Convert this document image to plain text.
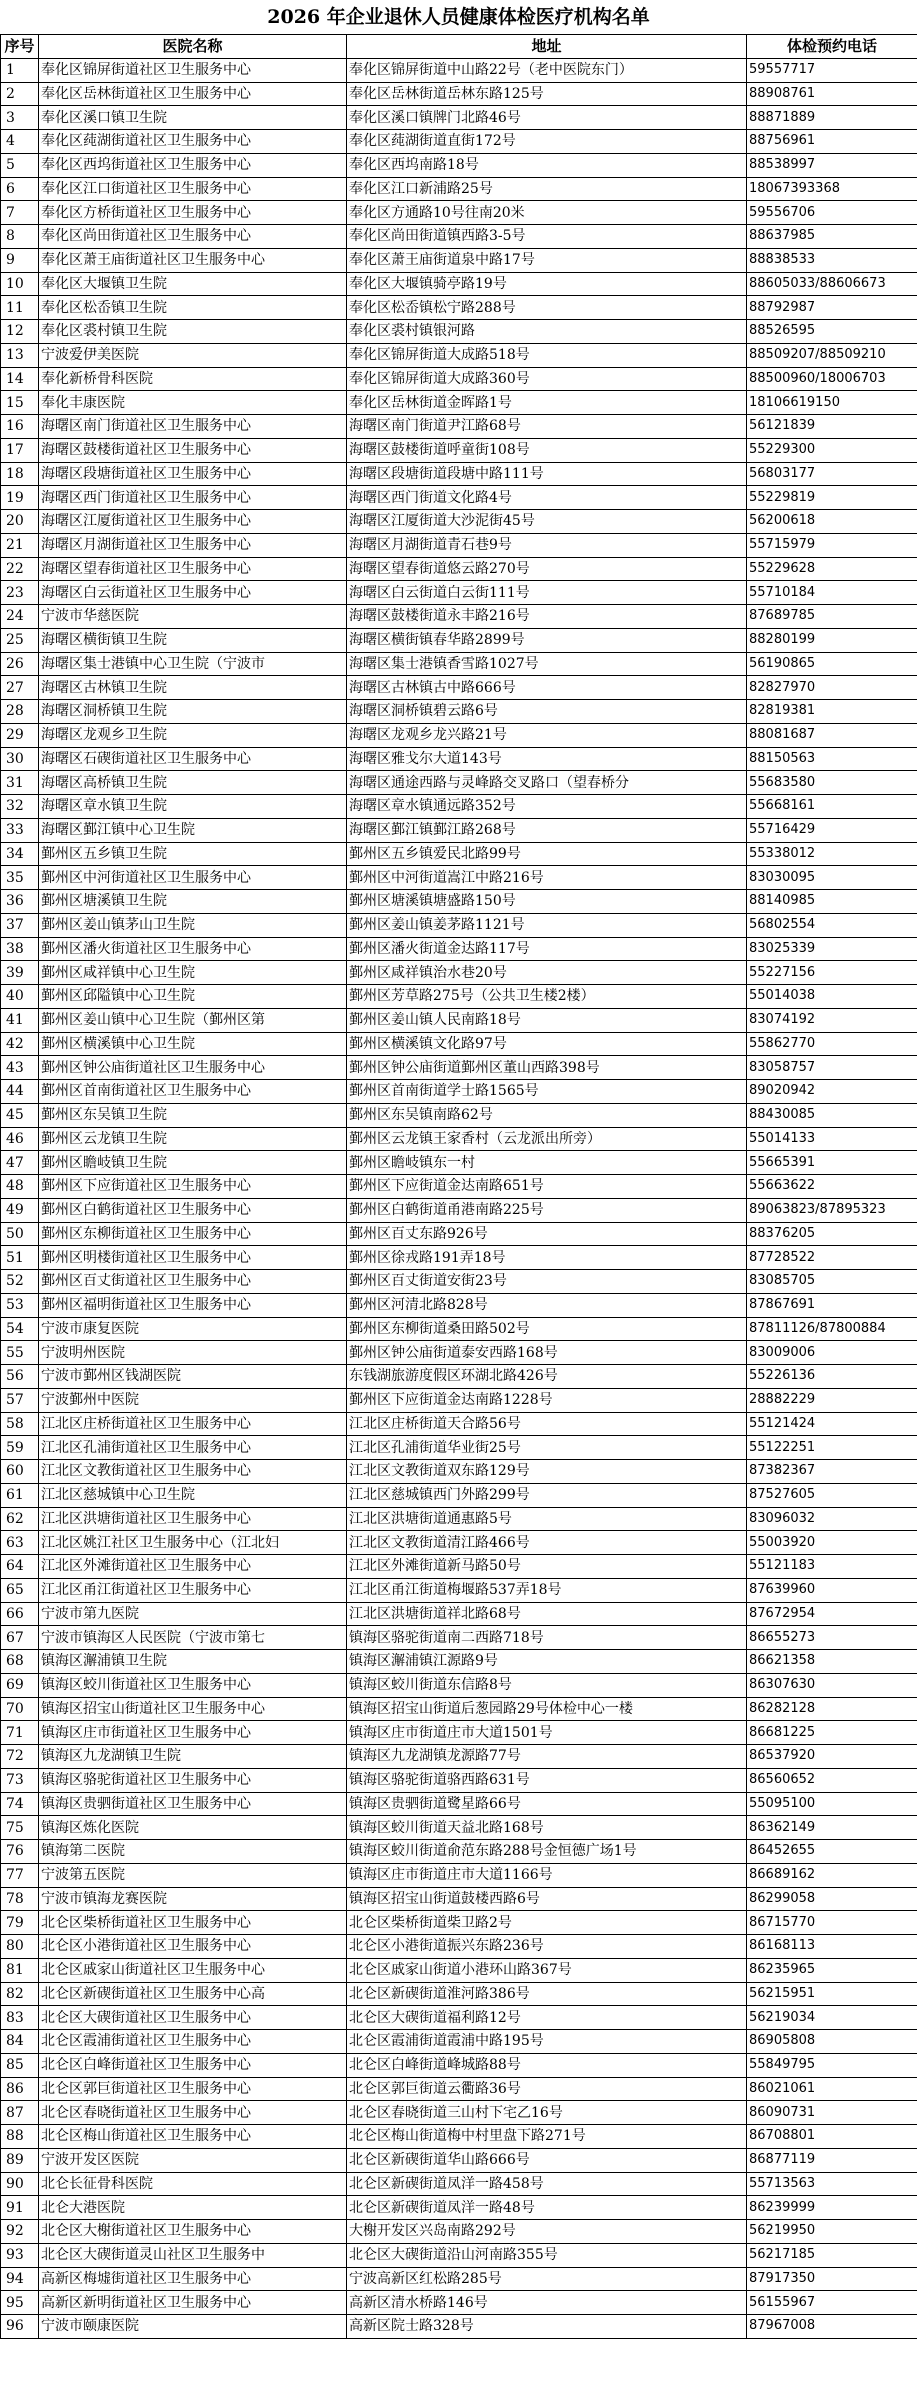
2026 年企业退休人员健康体检医疗机构名单
序号	医院名称	地址	体检预约电话
1	奉化区锦屏街道社区卫生服务中心	奉化区锦屏街道中山路22号（老中医院东门）	59557717
2	奉化区岳林街道社区卫生服务中心	奉化区岳林街道岳林东路125号	88908761
3	奉化区溪口镇卫生院	奉化区溪口镇牌门北路46号	88871889
4	奉化区莼湖街道社区卫生服务中心	奉化区莼湖街道直街172号	88756961
5	奉化区西坞街道社区卫生服务中心	奉化区西坞南路18号	88538997
6	奉化区江口街道社区卫生服务中心	奉化区江口新浦路25号	18067393368
7	奉化区方桥街道社区卫生服务中心	奉化区方通路10号往南20米	59556706
8	奉化区尚田街道社区卫生服务中心	奉化区尚田街道镇西路3-5号	88637985
9	奉化区萧王庙街道社区卫生服务中心	奉化区萧王庙街道泉中路17号	88838533
10	奉化区大堰镇卫生院	奉化区大堰镇骑亭路19号	88605033/88606673
11	奉化区松岙镇卫生院	奉化区松岙镇松宁路288号	88792987
12	奉化区裘村镇卫生院	奉化区裘村镇银河路	88526595
13	宁波爱伊美医院	奉化区锦屏街道大成路518号	88509207/88509210
14	奉化新桥骨科医院	奉化区锦屏街道大成路360号	88500960/18006703
15	奉化丰康医院	奉化区岳林街道金晖路1号	18106619150
16	海曙区南门街道社区卫生服务中心	海曙区南门街道尹江路68号	56121839
17	海曙区鼓楼街道社区卫生服务中心	海曙区鼓楼街道呼童街108号	55229300
18	海曙区段塘街道社区卫生服务中心	海曙区段塘街道段塘中路111号	56803177
19	海曙区西门街道社区卫生服务中心	海曙区西门街道文化路4号	55229819
20	海曙区江厦街道社区卫生服务中心	海曙区江厦街道大沙泥街45号	56200618
21	海曙区月湖街道社区卫生服务中心	海曙区月湖街道青石巷9号	55715979
22	海曙区望春街道社区卫生服务中心	海曙区望春街道悠云路270号	55229628
23	海曙区白云街道社区卫生服务中心	海曙区白云街道白云街111号	55710184
24	宁波市华慈医院	海曙区鼓楼街道永丰路216号	87689785
25	海曙区横街镇卫生院	海曙区横街镇春华路2899号	88280199
26	海曙区集士港镇中心卫生院（宁波市	海曙区集士港镇香雪路1027号	56190865
27	海曙区古林镇卫生院	海曙区古林镇古中路666号	82827970
28	海曙区洞桥镇卫生院	海曙区洞桥镇碧云路6号	82819381
29	海曙区龙观乡卫生院	海曙区龙观乡龙兴路21号	88081687
30	海曙区石碶街道社区卫生服务中心	海曙区雅戈尔大道143号	88150563
31	海曙区高桥镇卫生院	海曙区通途西路与灵峰路交叉路口（望春桥分	55683580
32	海曙区章水镇卫生院	海曙区章水镇通远路352号	55668161
33	海曙区鄞江镇中心卫生院	海曙区鄞江镇鄞江路268号	55716429
34	鄞州区五乡镇卫生院	鄞州区五乡镇爱民北路99号	55338012
35	鄞州区中河街道社区卫生服务中心	鄞州区中河街道嵩江中路216号	83030095
36	鄞州区塘溪镇卫生院	鄞州区塘溪镇塘盛路150号	88140985
37	鄞州区姜山镇茅山卫生院	鄞州区姜山镇姜茅路1121号	56802554
38	鄞州区潘火街道社区卫生服务中心	鄞州区潘火街道金达路117号	83025339
39	鄞州区咸祥镇中心卫生院	鄞州区咸祥镇治水巷20号	55227156
40	鄞州区邱隘镇中心卫生院	鄞州区芳草路275号（公共卫生楼2楼）	55014038
41	鄞州区姜山镇中心卫生院（鄞州区第	鄞州区姜山镇人民南路18号	83074192
42	鄞州区横溪镇中心卫生院	鄞州区横溪镇文化路97号	55862770
43	鄞州区钟公庙街道社区卫生服务中心	鄞州区钟公庙街道鄞州区董山西路398号	83058757
44	鄞州区首南街道社区卫生服务中心	鄞州区首南街道学士路1565号	89020942
45	鄞州区东吴镇卫生院	鄞州区东吴镇南路62号	88430085
46	鄞州区云龙镇卫生院	鄞州区云龙镇王家香村（云龙派出所旁）	55014133
47	鄞州区瞻岐镇卫生院	鄞州区瞻岐镇东一村	55665391
48	鄞州区下应街道社区卫生服务中心	鄞州区下应街道金达南路651号	55663622
49	鄞州区白鹤街道社区卫生服务中心	鄞州区白鹤街道甬港南路225号	89063823/87895323
50	鄞州区东柳街道社区卫生服务中心	鄞州区百丈东路926号	88376205
51	鄞州区明楼街道社区卫生服务中心	鄞州区徐戎路191弄18号	87728522
52	鄞州区百丈街道社区卫生服务中心	鄞州区百丈街道安街23号	83085705
53	鄞州区福明街道社区卫生服务中心	鄞州区河清北路828号	87867691
54	宁波市康复医院	鄞州区东柳街道桑田路502号	87811126/87800884
55	宁波明州医院	鄞州区钟公庙街道泰安西路168号	83009006
56	宁波市鄞州区钱湖医院	东钱湖旅游度假区环湖北路426号	55226136
57	宁波鄞州中医院	鄞州区下应街道金达南路1228号	28882229
58	江北区庄桥街道社区卫生服务中心	江北区庄桥街道天合路56号	55121424
59	江北区孔浦街道社区卫生服务中心	江北区孔浦街道华业街25号	55122251
60	江北区文教街道社区卫生服务中心	江北区文教街道双东路129号	87382367
61	江北区慈城镇中心卫生院	江北区慈城镇西门外路299号	87527605
62	江北区洪塘街道社区卫生服务中心	江北区洪塘街道通惠路5号	83096032
63	江北区姚江社区卫生服务中心（江北妇	江北区文教街道清江路466号	55003920
64	江北区外滩街道社区卫生服务中心	江北区外滩街道新马路50号	55121183
65	江北区甬江街道社区卫生服务中心	江北区甬江街道梅堰路537弄18号	87639960
66	宁波市第九医院	江北区洪塘街道祥北路68号	87672954
67	宁波市镇海区人民医院（宁波市第七	镇海区骆驼街道南二西路718号	86655273
68	镇海区澥浦镇卫生院	镇海区澥浦镇江源路9号	86621358
69	镇海区蛟川街道社区卫生服务中心	镇海区蛟川街道东信路8号	86307630
70	镇海区招宝山街道社区卫生服务中心	镇海区招宝山街道后葱园路29号体检中心一楼	86282128
71	镇海区庄市街道社区卫生服务中心	镇海区庄市街道庄市大道1501号	86681225
72	镇海区九龙湖镇卫生院	镇海区九龙湖镇龙源路77号	86537920
73	镇海区骆驼街道社区卫生服务中心	镇海区骆驼街道骆西路631号	86560652
74	镇海区贵驷街道社区卫生服务中心	镇海区贵驷街道鹭星路66号	55095100
75	镇海区炼化医院	镇海区蛟川街道天益北路168号	86362149
76	镇海第二医院	镇海区蛟川街道俞范东路288号金恒德广场1号	86452655
77	宁波第五医院	镇海区庄市街道庄市大道1166号	86689162
78	宁波市镇海龙赛医院	镇海区招宝山街道鼓楼西路6号	86299058
79	北仑区柴桥街道社区卫生服务中心	北仑区柴桥街道柴卫路2号	86715770
80	北仑区小港街道社区卫生服务中心	北仑区小港街道振兴东路236号	86168113
81	北仑区戚家山街道社区卫生服务中心	北仑区戚家山街道小港环山路367号	86235965
82	北仑区新碶街道社区卫生服务中心高	北仑区新碶街道淮河路386号	56215951
83	北仑区大碶街道社区卫生服务中心	北仑区大碶街道福利路12号	56219034
84	北仑区霞浦街道社区卫生服务中心	北仑区霞浦街道霞浦中路195号	86905808
85	北仑区白峰街道社区卫生服务中心	北仑区白峰街道峰城路88号	55849795
86	北仑区郭巨街道社区卫生服务中心	北仑区郭巨街道云衢路36号	86021061
87	北仑区春晓街道社区卫生服务中心	北仑区春晓街道三山村下宅乙16号	86090731
88	北仑区梅山街道社区卫生服务中心	北仑区梅山街道梅中村里盘下路271号	86708801
89	宁波开发区医院	北仑区新碶街道华山路666号	86877119
90	北仑长征骨科医院	北仑区新碶街道凤洋一路458号	55713563
91	北仑大港医院	北仑区新碶街道凤洋一路48号	86239999
92	北仑区大榭街道社区卫生服务中心	大榭开发区兴岛南路292号	56219950
93	北仑区大碶街道灵山社区卫生服务中	北仑区大碶街道沿山河南路355号	56217185
94	高新区梅墟街道社区卫生服务中心	宁波高新区红松路285号	87917350
95	高新区新明街道社区卫生服务中心	高新区清水桥路146号	56155967
96	宁波市颐康医院	高新区院士路328号	87967008
